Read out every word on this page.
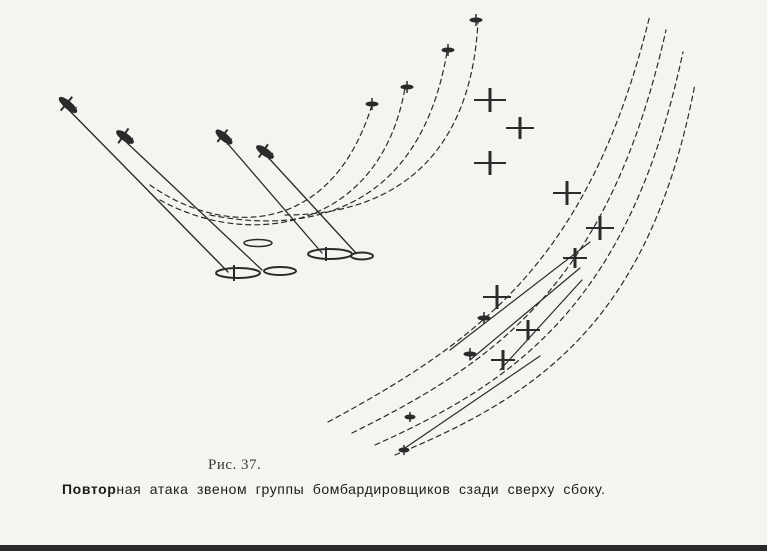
Рис. 37.
Повторная атака звеном группы бомбардировщиков сзади сверху сбоку.
